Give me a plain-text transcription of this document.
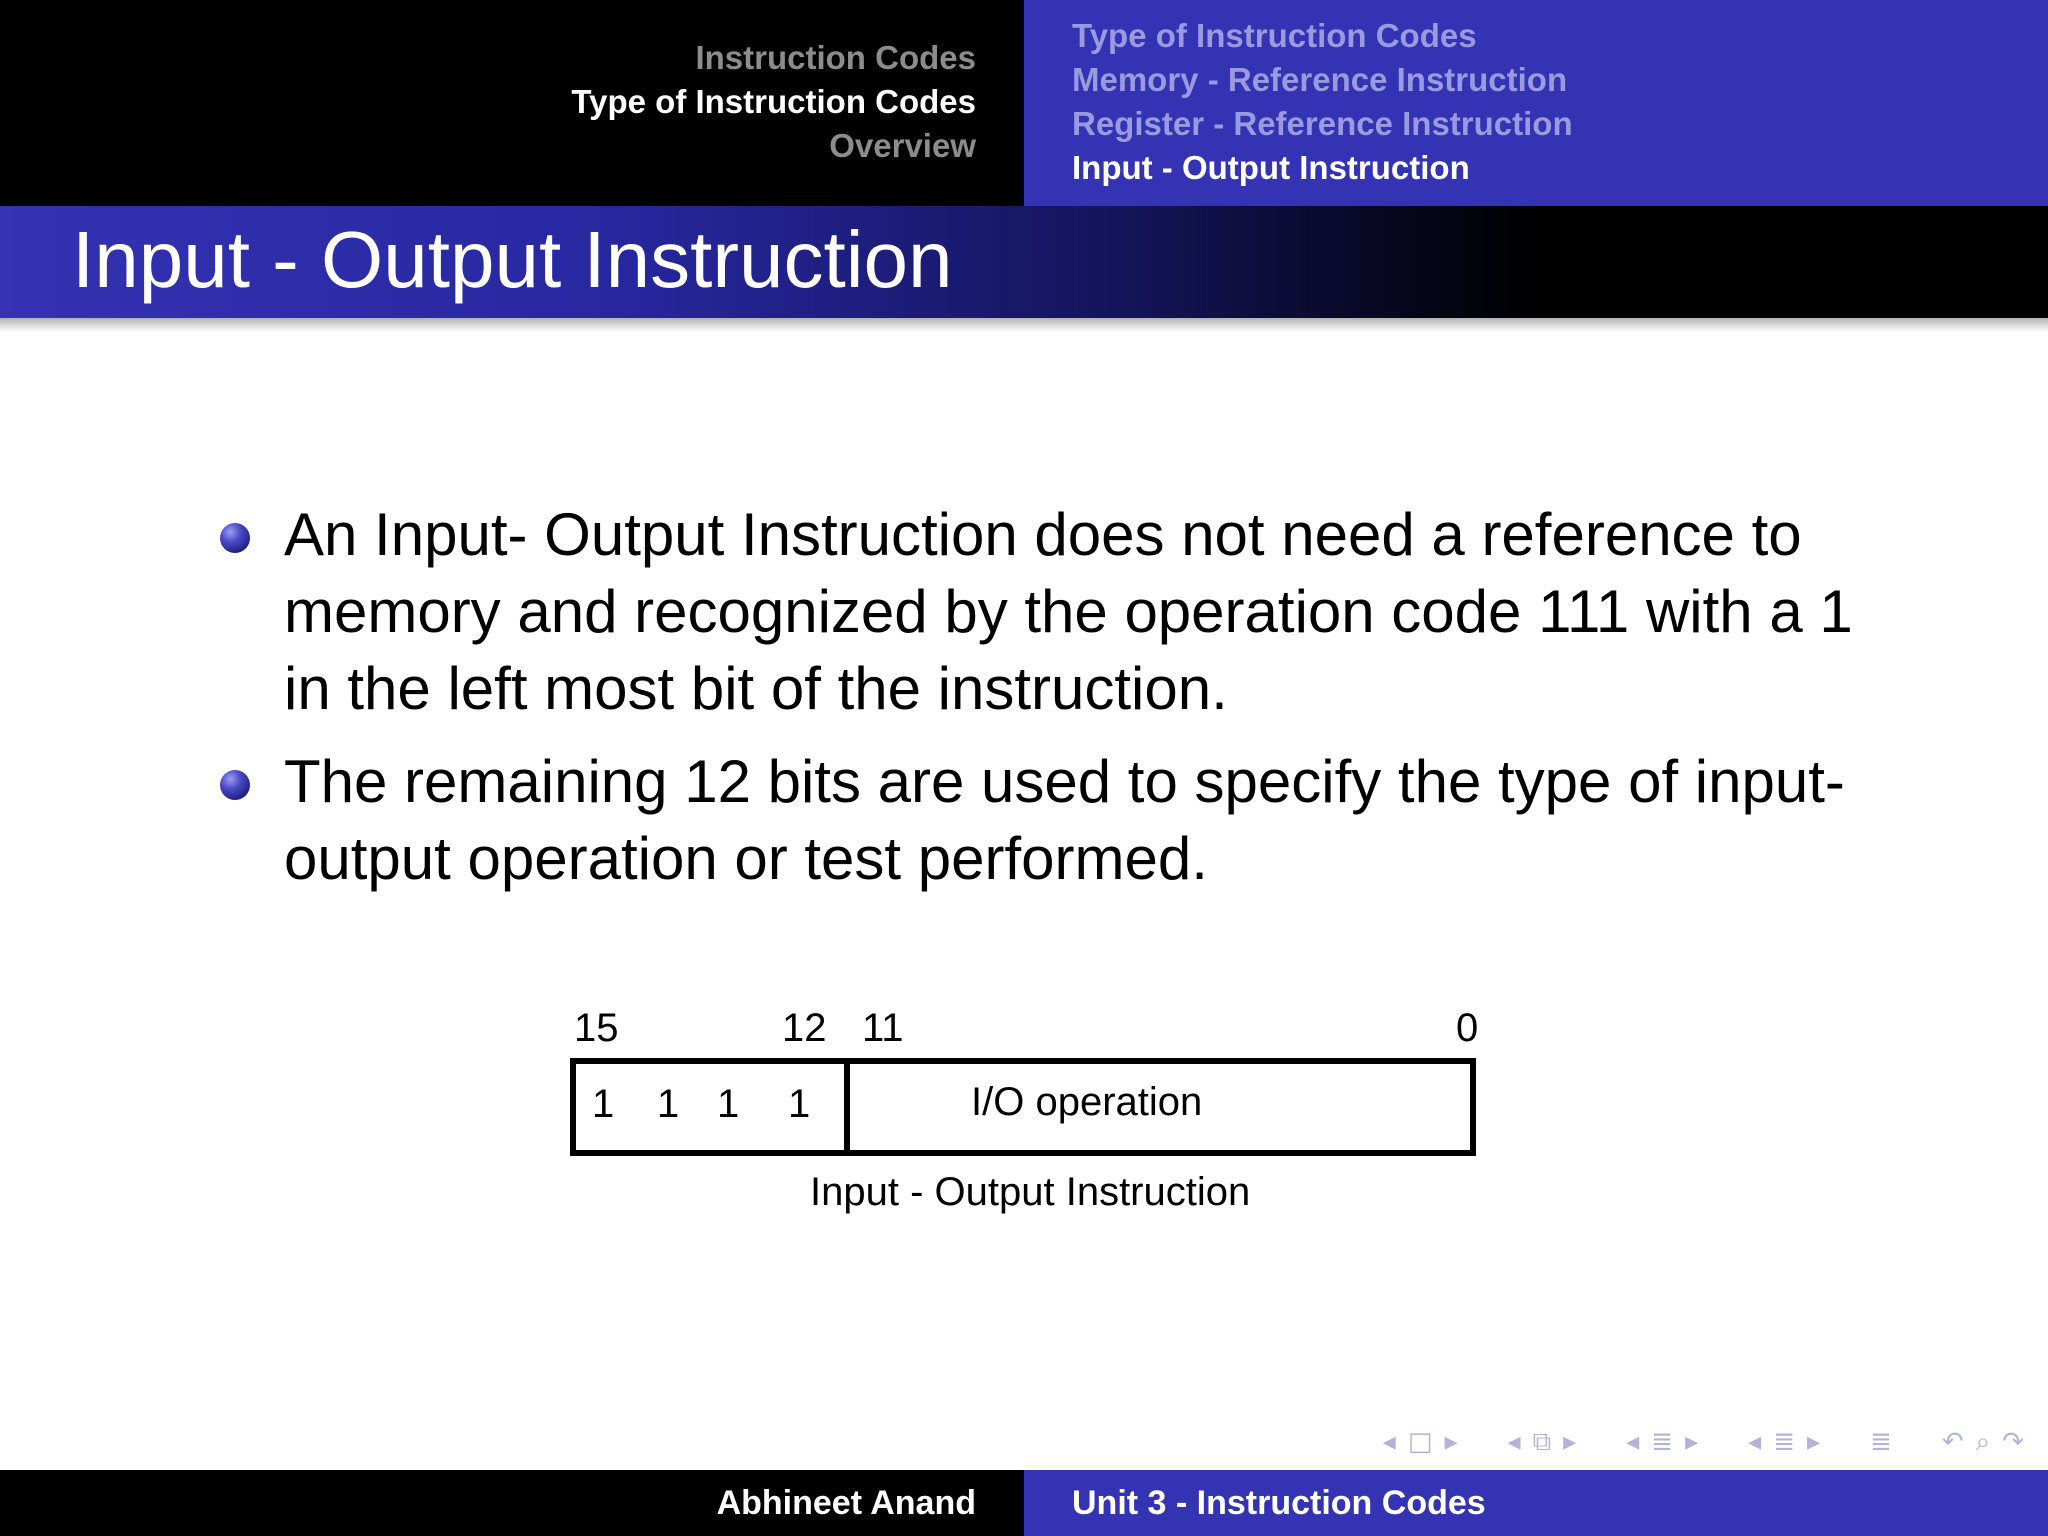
Instruction Codes
Type of Instruction Codes
Overview
Type of Instruction Codes
Memory - Reference Instruction
Register - Reference Instruction
Input - Output Instruction
Input - Output Instruction
An Input- Output Instruction does not need a reference to memory and recognized by the operation code 111 with a 1 in the left most bit of the instruction.
The remaining 12 bits are used to specify the type of input-output operation or test performed.
15	12 11	0
1 1 1 1	I/O operation
Input - Output Instruction
◂ □ ▸ ◂ ⧉ ▸ ◂ ≣ ▸ ◂ ≣ ▸ ≣ ↶ ⌕ ↷
Abhineet Anand	Unit 3 - Instruction Codes
